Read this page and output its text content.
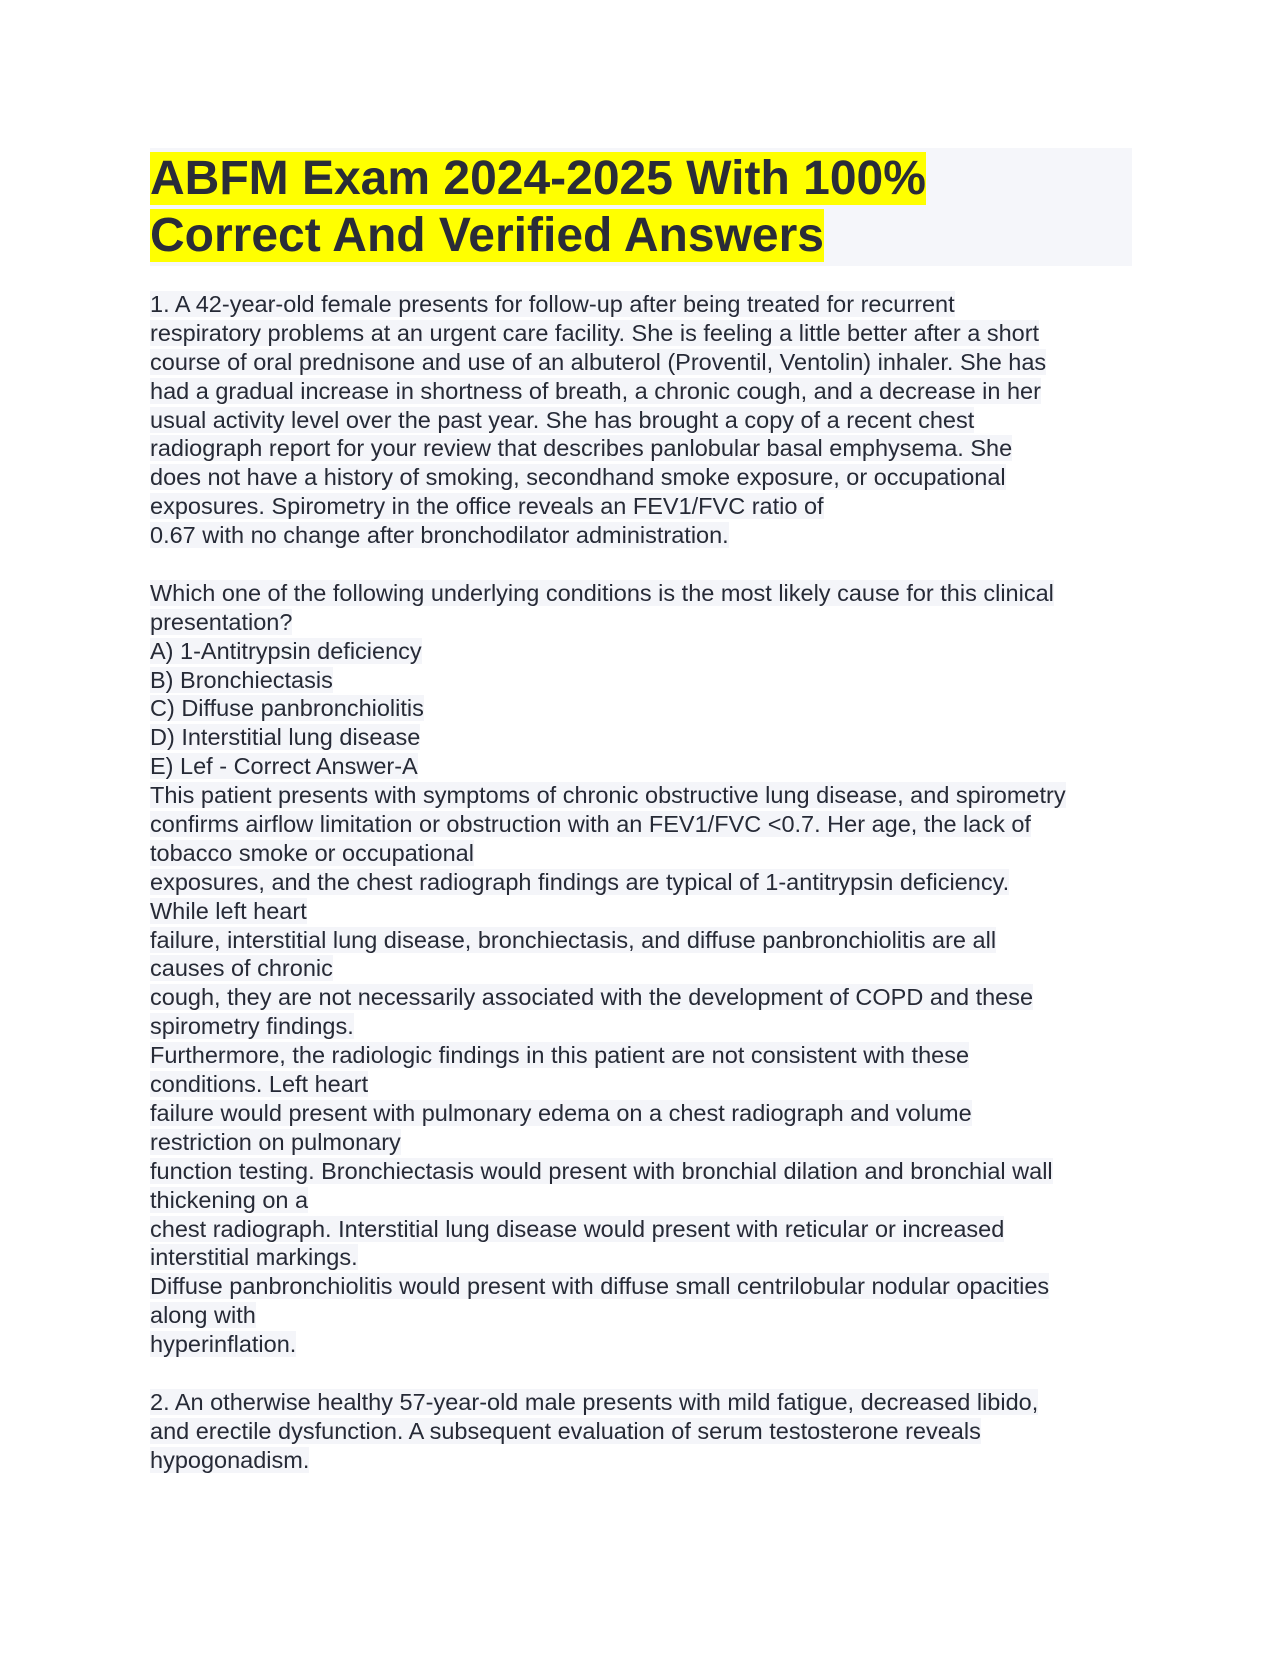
ABFM Exam 2024-2025 With 100%
Correct And Verified Answers
1. A 42-year-old female presents for follow-up after being treated for recurrent
respiratory problems at an urgent care facility. She is feeling a little better after a short
course of oral prednisone and use of an albuterol (Proventil, Ventolin) inhaler. She has
had a gradual increase in shortness of breath, a chronic cough, and a decrease in her
usual activity level over the past year. She has brought a copy of a recent chest
radiograph report for your review that describes panlobular basal emphysema. She
does not have a history of smoking, secondhand smoke exposure, or occupational
exposures. Spirometry in the office reveals an FEV1/FVC ratio of
0.67 with no change after bronchodilator administration.
Which one of the following underlying conditions is the most likely cause for this clinical
presentation?
A) 1-Antitrypsin deficiency
B) Bronchiectasis
C) Diffuse panbronchiolitis
D) Interstitial lung disease
E) Lef - Correct Answer-A
This patient presents with symptoms of chronic obstructive lung disease, and spirometry
confirms airflow limitation or obstruction with an FEV1/FVC <0.7. Her age, the lack of
tobacco smoke or occupational
exposures, and the chest radiograph findings are typical of 1-antitrypsin deficiency.
While left heart
failure, interstitial lung disease, bronchiectasis, and diffuse panbronchiolitis are all
causes of chronic
cough, they are not necessarily associated with the development of COPD and these
spirometry findings.
Furthermore, the radiologic findings in this patient are not consistent with these
conditions. Left heart
failure would present with pulmonary edema on a chest radiograph and volume
restriction on pulmonary
function testing. Bronchiectasis would present with bronchial dilation and bronchial wall
thickening on a
chest radiograph. Interstitial lung disease would present with reticular or increased
interstitial markings.
Diffuse panbronchiolitis would present with diffuse small centrilobular nodular opacities
along with
hyperinflation.
2. An otherwise healthy 57-year-old male presents with mild fatigue, decreased libido,
and erectile dysfunction. A subsequent evaluation of serum testosterone reveals
hypogonadism.
